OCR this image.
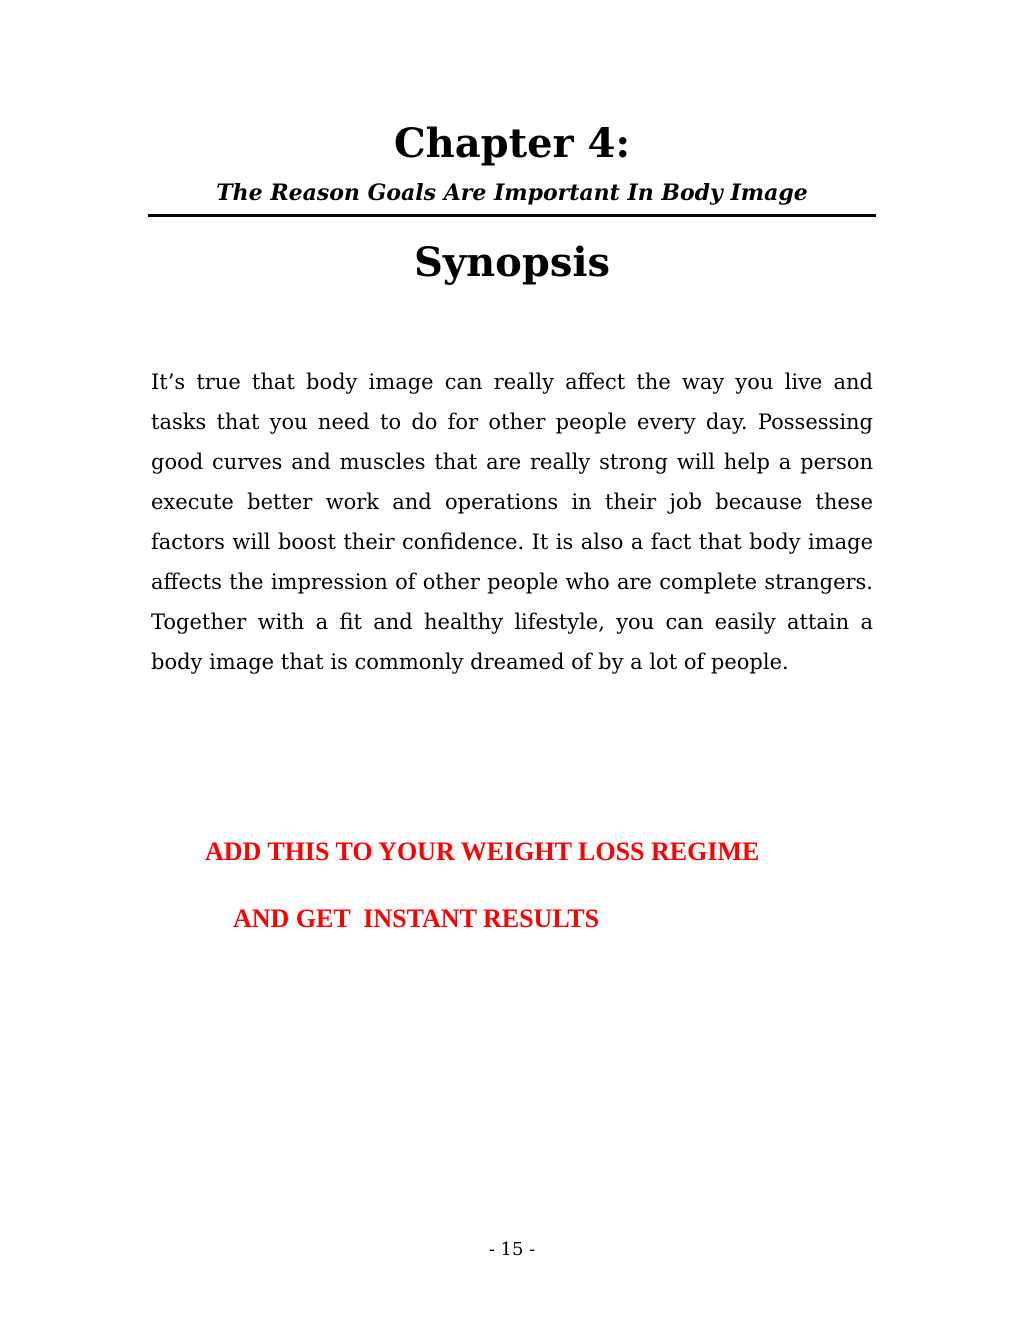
Chapter 4:
The Reason Goals Are Important In Body Image
Synopsis

It’s true that body image can really affect the way you live and tasks that you need to do for other people every day. Possessing good curves and muscles that are really strong will help a person execute better work and operations in their job because these factors will boost their confidence. It is also a fact that body image affects the impression of other people who are complete strangers. Together with a fit and healthy lifestyle, you can easily attain a body image that is commonly dreamed of by a lot of people.

ADD THIS TO YOUR WEIGHT LOSS REGIME

AND GET  INSTANT RESULTS

- 15 -
